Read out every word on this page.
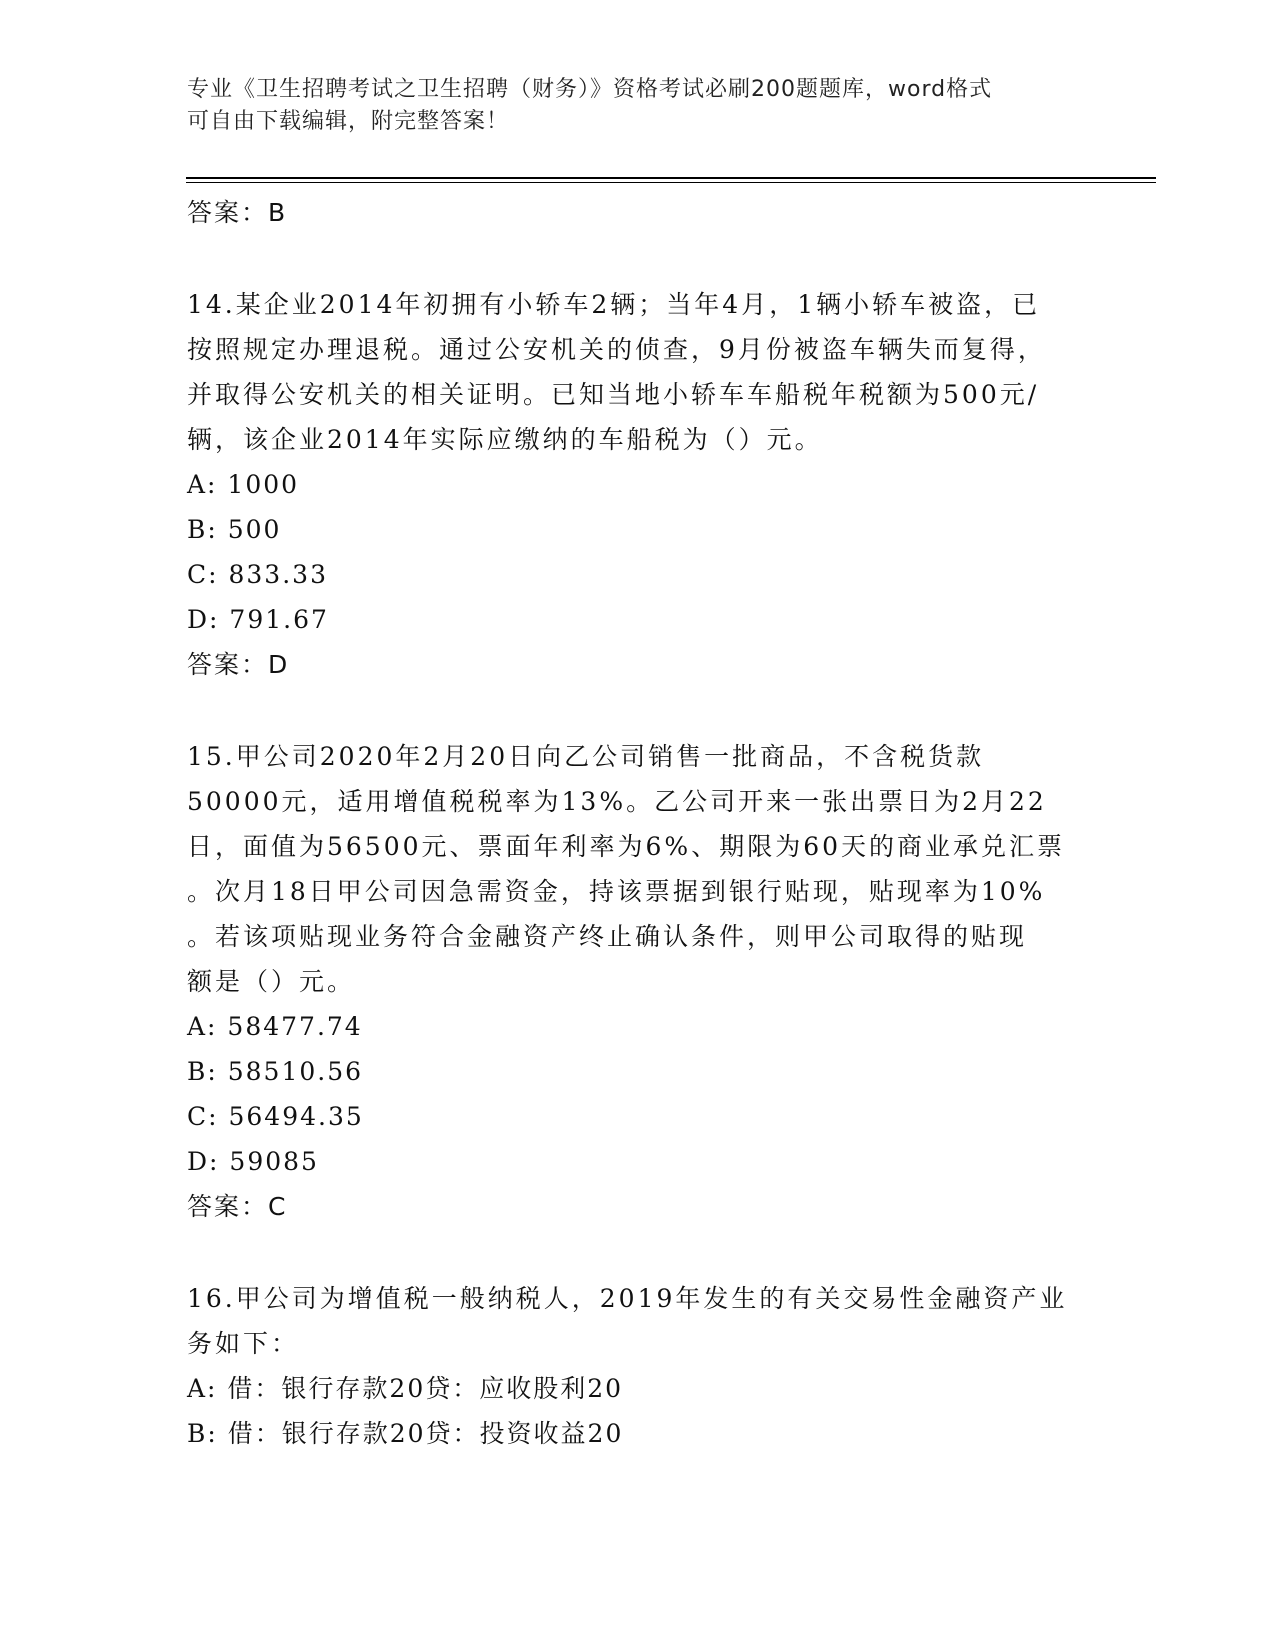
专业《卫生招聘考试之卫生招聘（财务）》资格考试必刷200题题库，word格式
可自由下载编辑，附完整答案！
答案：B
14.某企业2014年初拥有小轿车2辆；当年4月，1辆小轿车被盗，已
按照规定办理退税。通过公安机关的侦查，9月份被盗车辆失而复得，
并取得公安机关的相关证明。已知当地小轿车车船税年税额为500元/
辆，该企业2014年实际应缴纳的车船税为（）元。
A: 1000
B: 500
C: 833.33
D: 791.67
答案：D
15.甲公司2020年2月20日向乙公司销售一批商品，不含税货款
50000元，适用增值税税率为13%。乙公司开来一张出票日为2月22
日，面值为56500元、票面年利率为6%、期限为60天的商业承兑汇票
。次月18日甲公司因急需资金，持该票据到银行贴现，贴现率为10%
。若该项贴现业务符合金融资产终止确认条件，则甲公司取得的贴现
额是（）元。
A: 58477.74
B: 58510.56
C: 56494.35
D: 59085
答案：C
16.甲公司为增值税一般纳税人，2019年发生的有关交易性金融资产业
务如下：
A: 借：银行存款20贷：应收股利20
B: 借：银行存款20贷：投资收益20
